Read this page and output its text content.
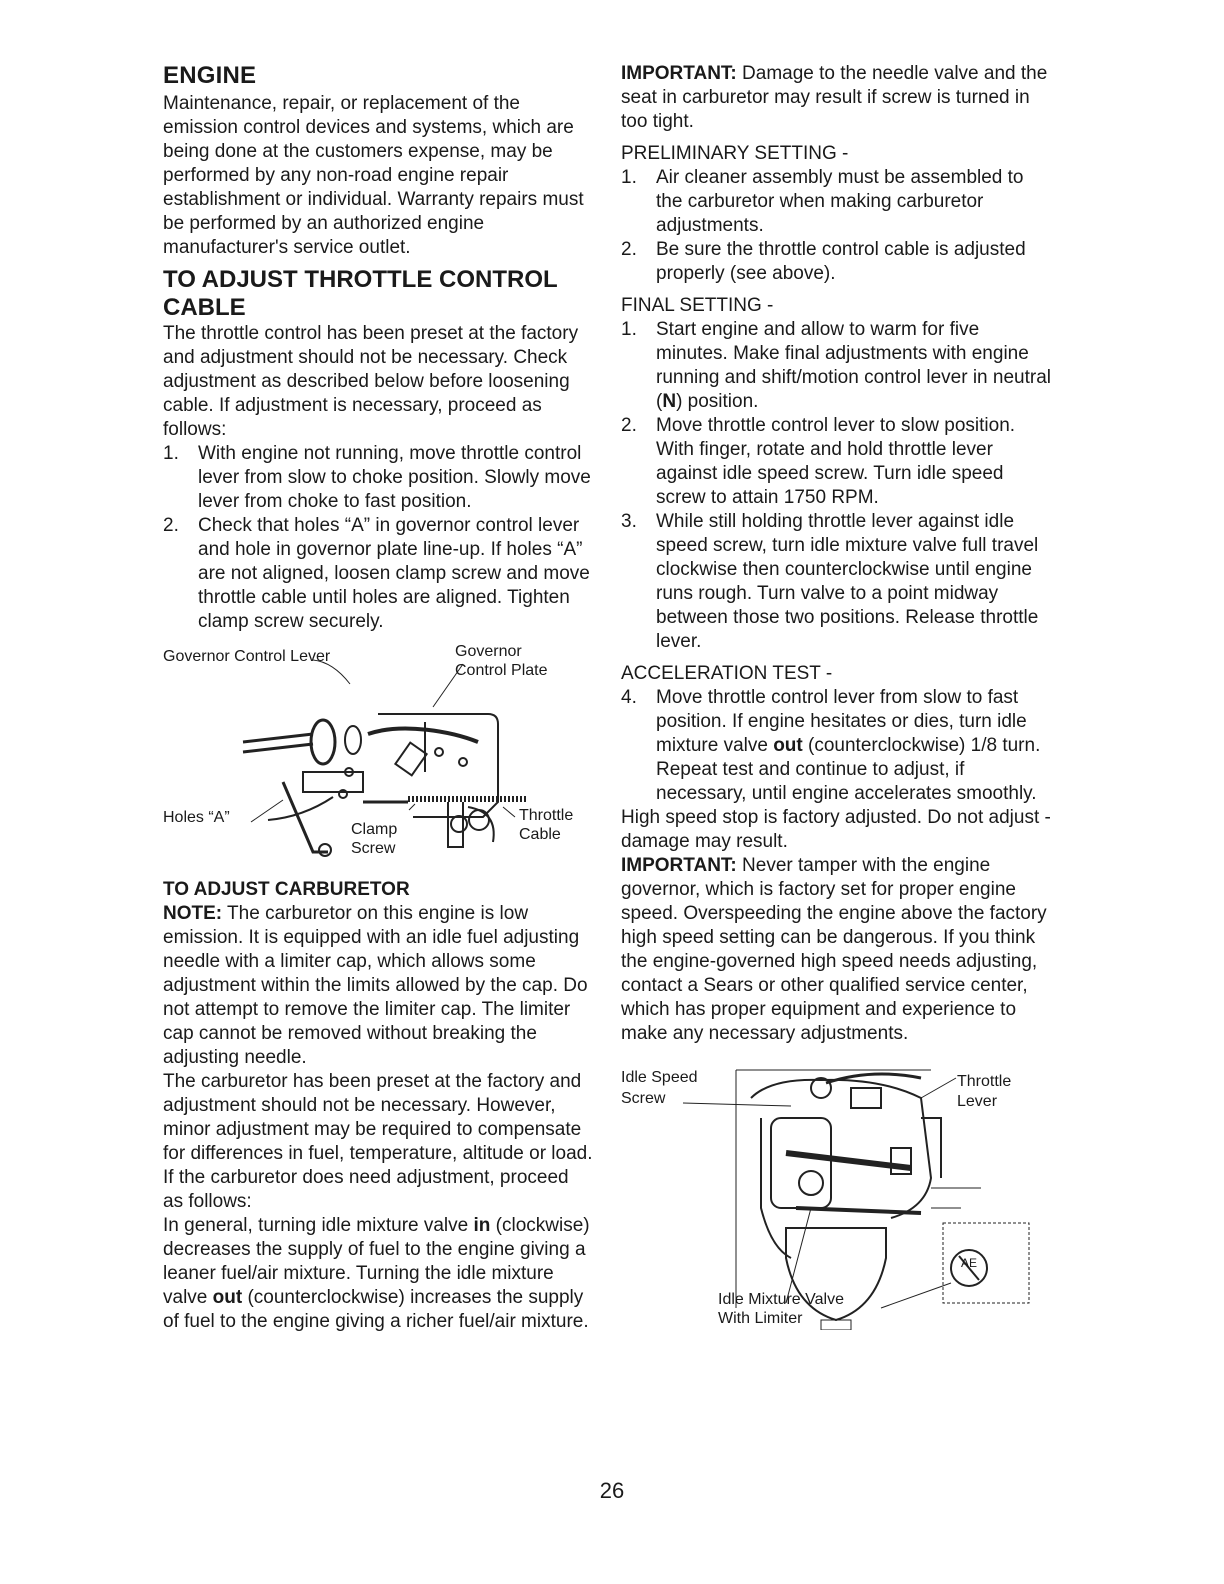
ENGINE

Maintenance, repair, or replacement of the emission control devices and systems, which are being done at the customers expense, may be performed by any non-road engine repair establishment or individual. Warranty repairs must be performed by an authorized engine manufacturer's service outlet.

TO ADJUST THROTTLE CONTROL CABLE

The throttle control has been preset at the factory and adjustment should not be necessary. Check adjustment as described below before loosening cable. If adjustment is necessary, proceed as follows:

1. With engine not running, move throttle control lever from slow to choke position. Slowly move lever from choke to fast position.
2. Check that holes “A” in governor control lever and hole in governor plate line-up. If holes “A” are not aligned, loosen clamp screw and move throttle cable until holes are aligned. Tighten clamp screw securely.
Governor Control Lever	Governor
Control Plate
Holes “A”
Clamp
Screw
Throttle
Cable
TO ADJUST CARBURETOR

NOTE: The carburetor on this engine is low emission. It is equipped with an idle fuel adjusting needle with a limiter cap, which allows some adjustment within the limits allowed by the cap. Do not attempt to remove the limiter cap. The limiter cap cannot be removed without breaking the adjusting needle.

The carburetor has been preset at the factory and adjustment should not be necessary. However, minor adjustment may be required to compensate for differences in fuel, temperature, altitude or load. If the carburetor does need adjustment, proceed as follows:

In general, turning idle mixture valve in (clockwise) decreases the supply of fuel to the engine giving a leaner fuel/air mixture. Turning the idle mixture valve out (counterclockwise) increases the supply of fuel to the engine giving a richer fuel/air mixture.

IMPORTANT: Damage to the needle valve and the seat in carburetor may result if screw is turned in too tight.

PRELIMINARY SETTING -

1. Air cleaner assembly must be assembled to the carburetor when making carburetor adjustments.
2. Be sure the throttle control cable is adjusted properly (see above).

FINAL SETTING -

1. Start engine and allow to warm for five minutes. Make final adjustments with engine running and shift/motion control lever in neutral (N) position.
2. Move throttle control lever to slow position. With finger, rotate and hold throttle lever against idle speed screw. Turn idle speed screw to attain 1750 RPM.
3. While still holding throttle lever against idle speed screw, turn idle mixture valve full travel clockwise then counterclockwise until engine runs rough. Turn valve to a point midway between those two positions. Release throttle lever.

ACCELERATION TEST -

4. Move throttle control lever from slow to fast position. If engine hesitates or dies, turn idle mixture valve out (counterclockwise) 1/8 turn. Repeat test and continue to adjust, if necessary, until engine accelerates smoothly.

High speed stop is factory adjusted. Do not adjust - damage may result.

IMPORTANT: Never tamper with the engine governor, which is factory set for proper engine speed. Overspeeding the engine above the factory high speed setting can be dangerous. If you think the engine-governed high speed needs adjusting, contact a Sears or other qualified service center, which has proper equipment and experience to make any necessary adjustments.

Idle Speed
Screw
Throttle
Lever
Idle Mixture Valve
With Limiter
AE
26
